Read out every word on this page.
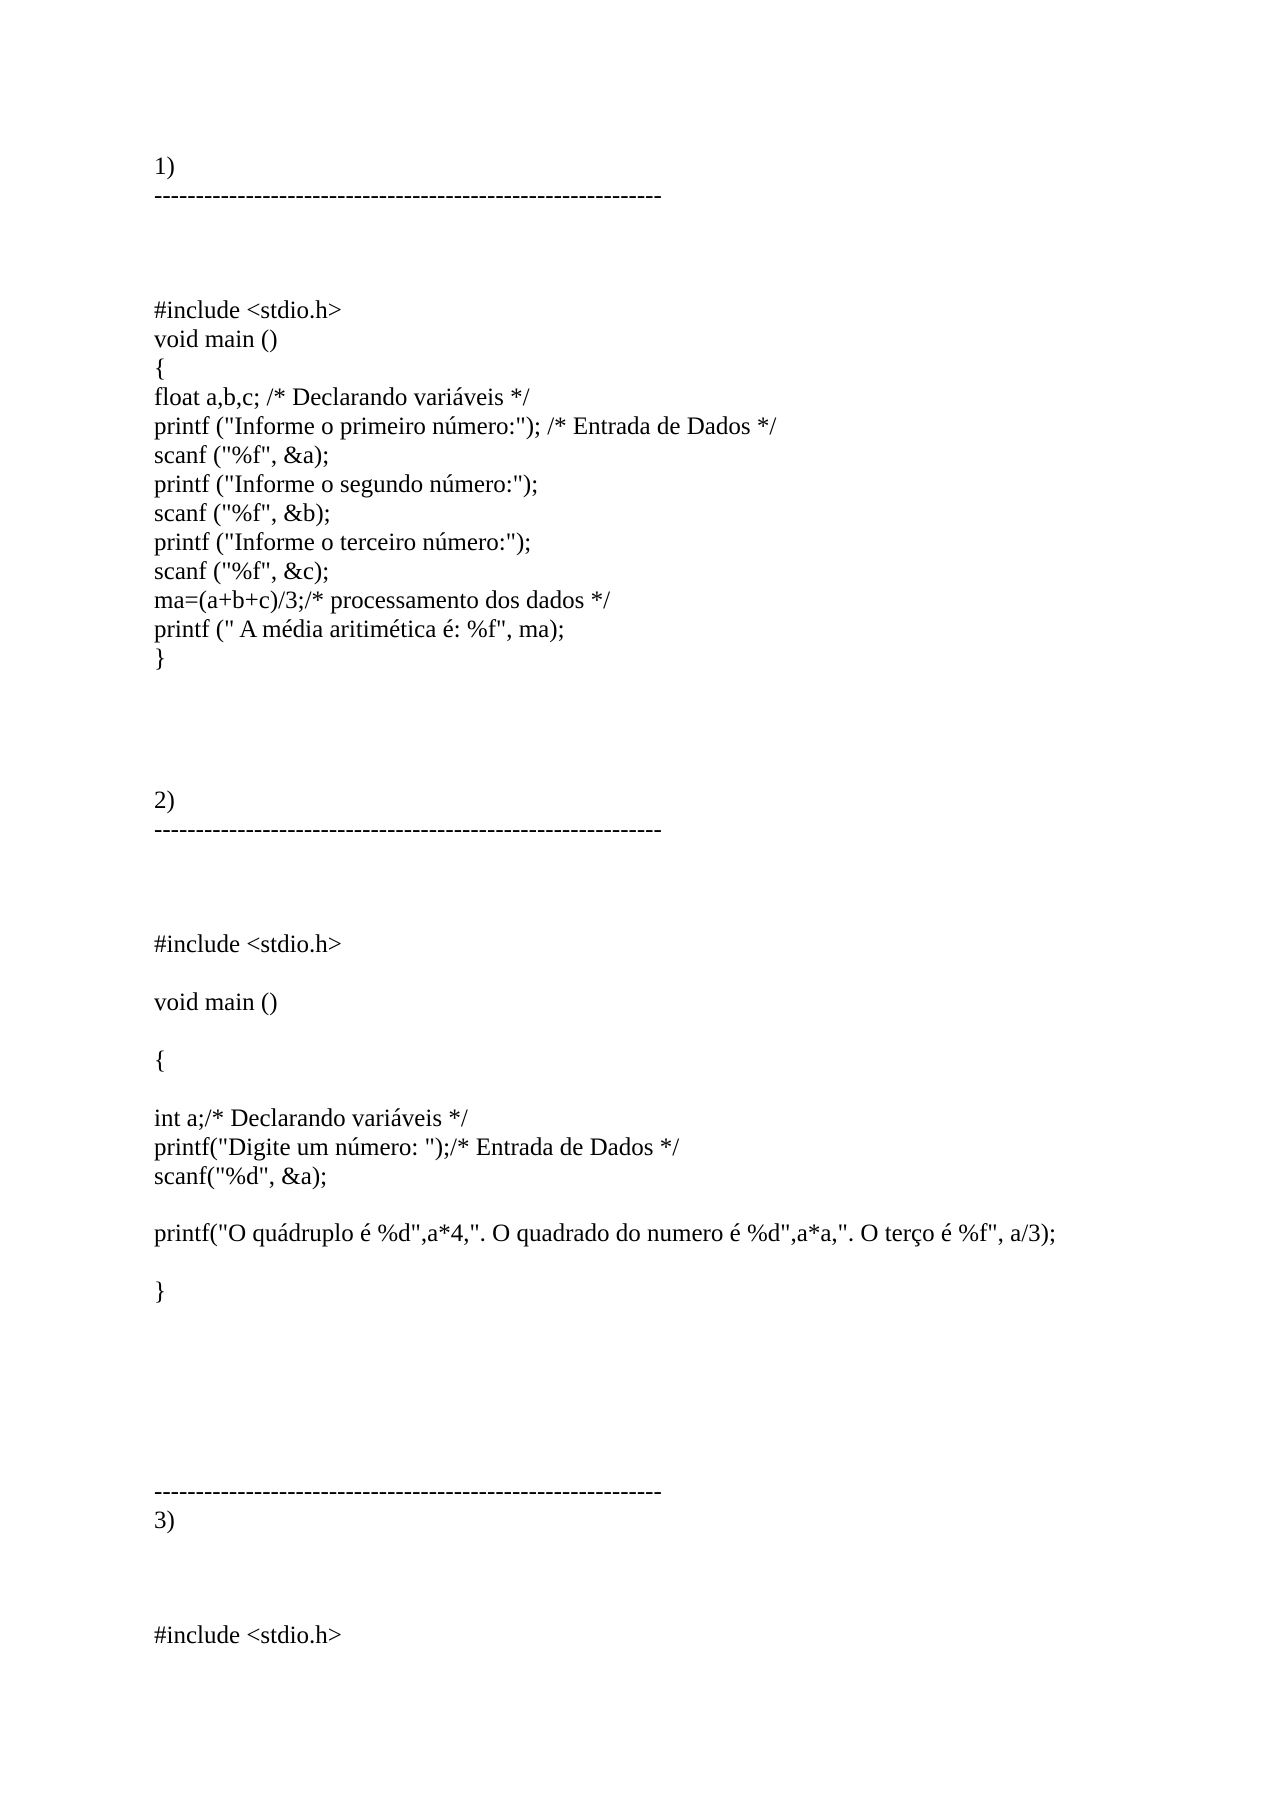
1)

-------------------------------------------------------------

#include <stdio.h>

void main ()

{

float a,b,c; /* Declarando variáveis */

printf ("Informe o primeiro número:"); /* Entrada de Dados */

scanf ("%f", &a);

printf ("Informe o segundo número:");

scanf ("%f", &b);

printf ("Informe o terceiro número:");

scanf ("%f", &c);

ma=(a+b+c)/3;/* processamento dos dados */

printf (" A média aritimética é: %f", ma);

}

2)

-------------------------------------------------------------

#include <stdio.h>

void main ()

{

int a;/* Declarando variáveis */

printf("Digite um número: ");/* Entrada de Dados */

scanf("%d", &a);

printf("O quádruplo é %d",a*4,". O quadrado do numero é %d",a*a,". O terço é %f", a/3);

}

-------------------------------------------------------------

3)

#include <stdio.h>
